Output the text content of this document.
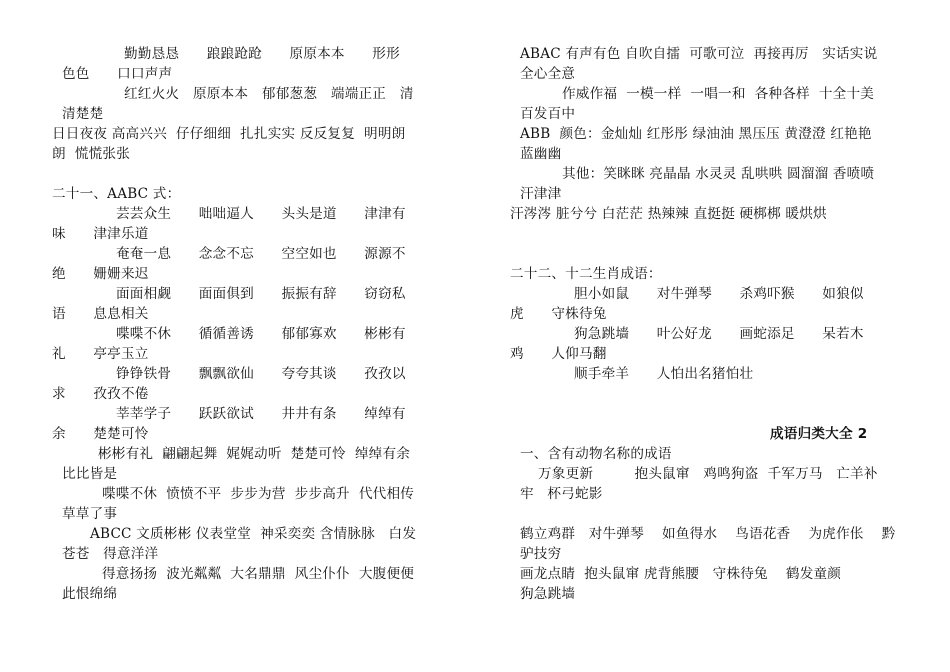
勤勤恳恳　　踉踉跄跄　　原原本本　　形形
色色　　口口声声
红红火火　原原本本　郁郁葱葱　端端正正　清
清楚楚
日日夜夜 高高兴兴  仔仔细细  扎扎实实 反反复复  明明朗
朗  慌慌张张
二十一、AABC 式：
芸芸众生　　咄咄逼人　　头头是道　　津津有
味　　津津乐道
奄奄一息　　念念不忘　　空空如也　　源源不
绝　　姗姗来迟
面面相觑　　面面俱到　　振振有辞　　窃窃私
语　　息息相关
喋喋不休　　循循善诱　　郁郁寡欢　　彬彬有
礼　　亭亭玉立
铮铮铁骨　　飘飘欲仙　　夸夸其谈　　孜孜以
求　　孜孜不倦
莘莘学子　　跃跃欲试　　井井有条　　绰绰有
余　　楚楚可怜
彬彬有礼  翩翩起舞  娓娓动听  楚楚可怜  绰绰有余
比比皆是
喋喋不休  愤愤不平  步步为营  步步高升  代代相传
草草了事
ABCC 文质彬彬 仪表堂堂  神采奕奕 含情脉脉   白发
苍苍   得意洋洋
得意扬扬  波光粼粼  大名鼎鼎  风尘仆仆  大腹便便
此恨绵绵
ABAC 有声有色 自吹自擂  可歌可泣  再接再厉   实话实说
全心全意
作威作福  一模一样  一唱一和  各种各样  十全十美
百发百中
ABB  颜色：金灿灿 红彤彤 绿油油 黑压压 黄澄澄 红艳艳
蓝幽幽
其他：笑眯眯 亮晶晶 水灵灵 乱哄哄 圆溜溜 香喷喷
汗津津
汗涔涔 脏兮兮 白茫茫 热辣辣 直挺挺 硬梆梆 暖烘烘
二十二、十二生肖成语：
胆小如鼠　　对牛弹琴　　杀鸡吓猴　　如狼似
虎　　守株待兔
狗急跳墙　　叶公好龙　　画蛇添足　　呆若木
鸡　　人仰马翻
顺手牵羊　　人怕出名猪怕壮
成语归类大全 2
一、含有动物名称的成语
万象更新　　　抱头鼠窜   鸡鸣狗盗  千军万马   亡羊补
牢   杯弓蛇影
鹤立鸡群   对牛弹琴    如鱼得水    鸟语花香    为虎作伥    黔
驴技穷
画龙点睛  抱头鼠窜 虎背熊腰   守株待兔    鹤发童颜
狗急跳墙
